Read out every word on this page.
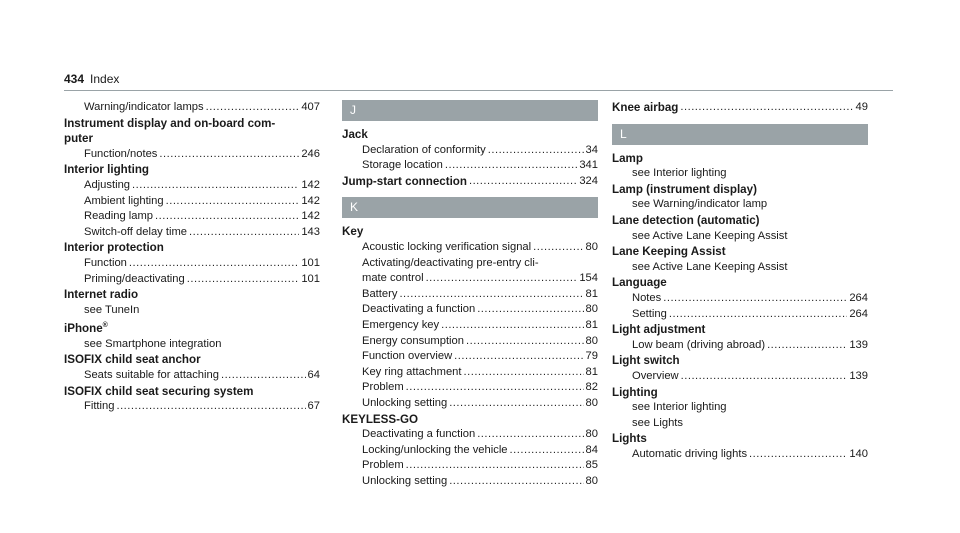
434 Index
Warning/indicator lamps .....	407
Instrument display and on-board com-
puter
Function/notes .....	246
Interior lighting
Adjusting .....	142
Ambient lighting .....	142
Reading lamp .....	142
Switch-off delay time .....	143
Interior protection
Function .....	101
Priming/deactivating .....	101
Internet radio
see TuneIn
iPhone®
see Smartphone integration
ISOFIX child seat anchor
Seats suitable for attaching .....	64
ISOFIX child seat securing system
Fitting .....	67
J
Jack
Declaration of conformity .....	34
Storage location .....	341
Jump-start connection .....	324
K
Key
Acoustic locking verification signal .....	80
Activating/deactivating pre-entry cli-
mate control .....	154
Battery .....	81
Deactivating a function .....	80
Emergency key .....	81
Energy consumption .....	80
Function overview .....	79
Key ring attachment .....	81
Problem .....	82
Unlocking setting .....	80
KEYLESS-GO
Deactivating a function .....	80
Locking/unlocking the vehicle .....	84
Problem .....	85
Unlocking setting .....	80
Knee airbag .....	49
L
Lamp
see Interior lighting
Lamp (instrument display)
see Warning/indicator lamp
Lane detection (automatic)
see Active Lane Keeping Assist
Lane Keeping Assist
see Active Lane Keeping Assist
Language
Notes .....	264
Setting .....	264
Light adjustment
Low beam (driving abroad) .....	139
Light switch
Overview .....	139
Lighting
see Interior lighting
see Lights
Lights
Automatic driving lights .....	140
